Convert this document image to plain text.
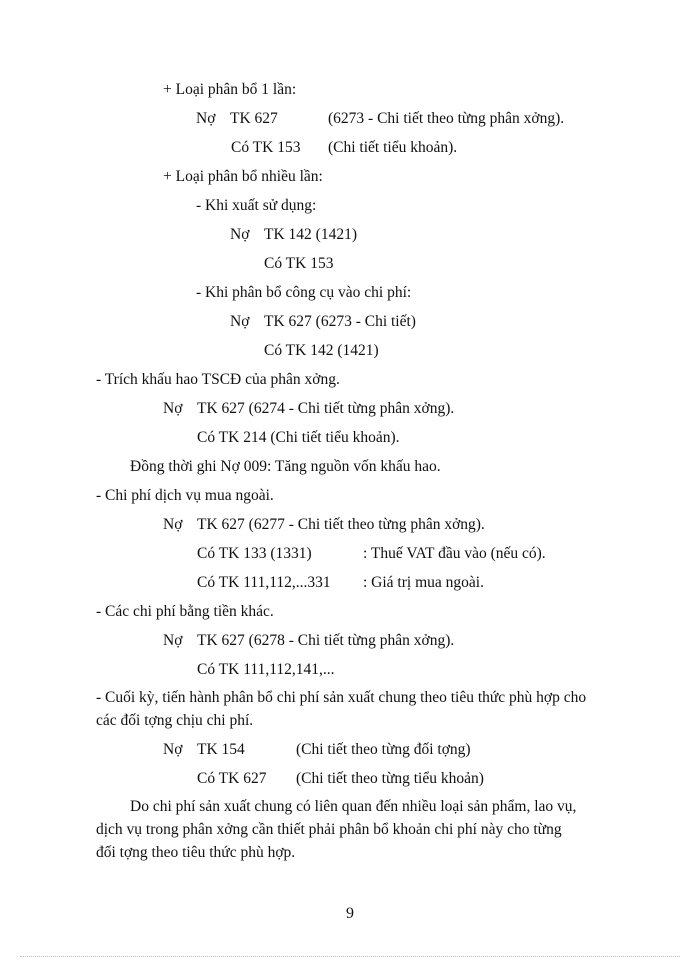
+ Loại phân bổ 1 lần:
Nợ TK 627	(6273 - Chi tiết theo từng phân xởng).
Có TK 153 (Chi tiết tiểu khoản).
+ Loại phân bổ nhiều lần:
- Khi xuất sử dụng:
Nợ TK 142 (1421)
Có TK 153
- Khi phân bổ công cụ vào chi phí:
Nợ TK 627 (6273 - Chi tiết)
Có TK 142 (1421)
- Trích khấu hao TSCĐ của phân xởng.
Nợ TK 627 (6274 - Chi tiết từng phân xởng).
Có TK 214 (Chi tiết tiểu khoản).
Đồng thời ghi Nợ 009: Tăng nguồn vốn khấu hao.
- Chi phí dịch vụ mua ngoài.
Nợ TK 627 (6277 - Chi tiết theo từng phân xởng).
Có TK 133 (1331)	: Thuế VAT đầu vào (nếu có).
Có TK 111,112,...331 : Giá trị mua ngoài.
- Các chi phí bằng tiền khác.
Nợ TK 627 (6278 - Chi tiết từng phân xởng).
Có TK 111,112,141,...
- Cuối kỳ, tiến hành phân bổ chi phí sản xuất chung theo tiêu thức phù hợp cho
các đối tợng chịu chi phí.
Nợ TK 154	(Chi tiết theo từng đối tợng)
Có TK 627 (Chi tiết theo từng tiểu khoản)
Do chi phí sản xuất chung có liên quan đến nhiều loại sản phẩm, lao vụ,
dịch vụ trong phân xởng cần thiết phải phân bổ khoản chi phí này cho từng
đối tợng theo tiêu thức phù hợp.
9
